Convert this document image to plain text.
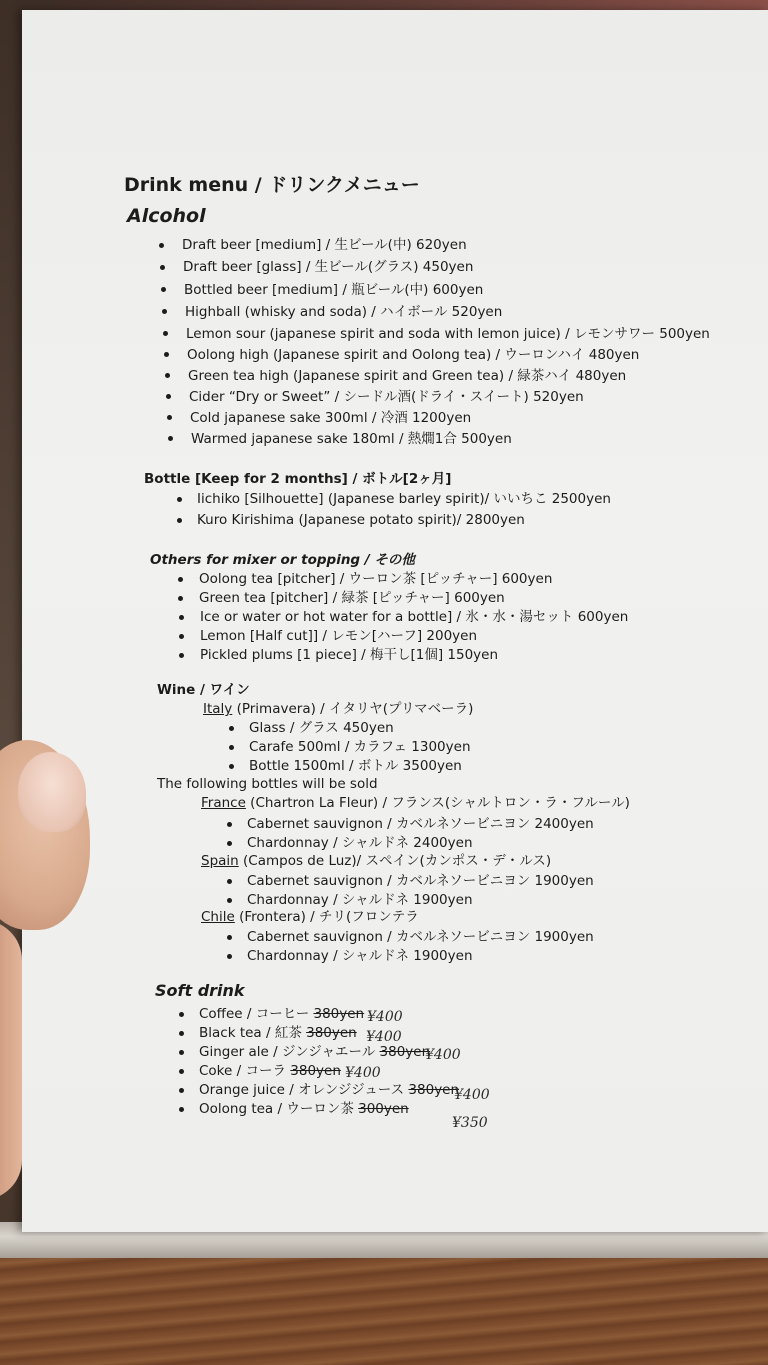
Drink menu / ドリンクメニュー
Alcohol
Draft beer [medium] / 生ビール(中) 620yen
Draft beer [glass] / 生ビール(グラス) 450yen
Bottled beer [medium] / 瓶ビール(中) 600yen
Highball (whisky and soda) / ハイボール 520yen
Lemon sour (japanese spirit and soda with lemon juice) / レモンサワー 500yen
Oolong high (Japanese spirit and Oolong tea) / ウーロンハイ 480yen
Green tea high (Japanese spirit and Green tea) / 緑茶ハイ 480yen
Cider “Dry or Sweet” / シードル酒(ドライ・スイート) 520yen
Cold japanese sake 300ml / 冷酒 1200yen
Warmed japanese sake 180ml / 熱燗1合 500yen
Bottle [Keep for 2 months] / ボトル[2ヶ月]
Iichiko [Silhouette] (Japanese barley spirit)/ いいちこ 2500yen
Kuro Kirishima (Japanese potato spirit)/ 2800yen
Others for mixer or topping / その他
Oolong tea [pitcher] / ウーロン茶 [ピッチャー] 600yen
Green tea [pitcher] / 緑茶 [ピッチャー] 600yen
Ice or water or hot water for a bottle] / 氷・水・湯セット 600yen
Lemon [Half cut]] / レモン[ハーフ] 200yen
Pickled plums [1 piece] / 梅干し[1個] 150yen
Wine / ワイン
Italy (Primavera) / イタリヤ(プリマベーラ)
Glass / グラス 450yen
Carafe 500ml / カラフェ 1300yen
Bottle 1500ml / ボトル 3500yen
The following bottles will be sold
France (Chartron La Fleur) / フランス(シャルトロン・ラ・フルール)
Cabernet sauvignon / カベルネソービニヨン 2400yen
Chardonnay / シャルドネ 2400yen
Spain (Campos de Luz)/ スペイン(カンポス・デ・ルス)
Cabernet sauvignon / カベルネソービニヨン 1900yen
Chardonnay / シャルドネ 1900yen
Chile (Frontera) / チリ(フロンテラ
Cabernet sauvignon / カベルネソービニヨン 1900yen
Chardonnay / シャルドネ 1900yen
Soft drink
Coffee / コーヒー 380yen ¥400
Black tea / 紅茶 380yen ¥400
Ginger ale / ジンジャエール 380yen
¥400
Coke / コーラ 380yen ¥400
Orange juice / オレンジジュース 380yen
¥400
Oolong tea / ウーロン茶 300yen
¥350
